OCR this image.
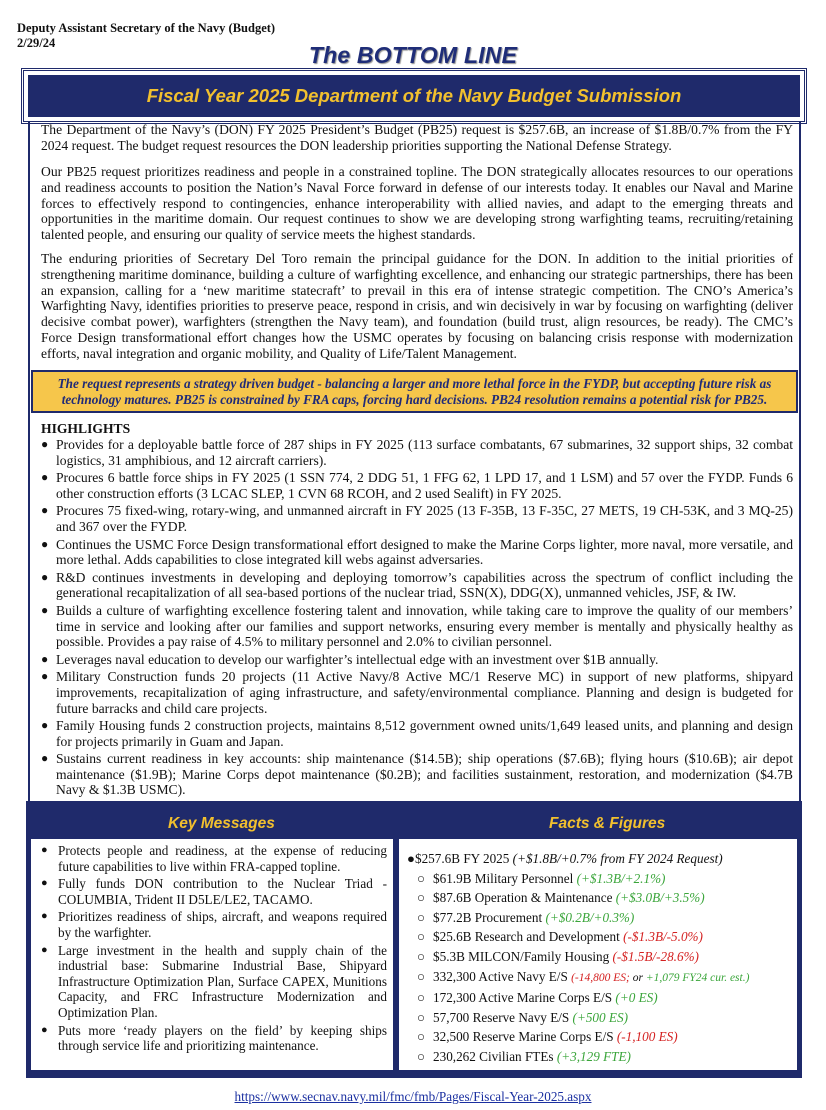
Deputy Assistant Secretary of the Navy (Budget)
2/29/24	The BOTTOM LINE
Fiscal Year 2025 Department of the Navy Budget Submission

The Department of the Navy’s (DON) FY 2025 President’s Budget (PB25) request is $257.6B, an increase of $1.8B/0.7% from the FY 2024 request. The budget request resources the DON leadership priorities supporting the National Defense Strategy.

Our PB25 request prioritizes readiness and people in a constrained topline. The DON strategically allocates resources to our operations and readiness accounts to position the Nation’s Naval Force forward in defense of our interests today. It enables our Naval and Marine forces to effectively respond to contingencies, enhance interoperability with allied navies, and adapt to the emerging threats and opportunities in the maritime domain. Our request continues to show we are developing strong warfighting teams, recruiting/retaining talented people, and ensuring our quality of service meets the highest standards.

The enduring priorities of Secretary Del Toro remain the principal guidance for the DON. In addition to the initial priorities of strengthening maritime dominance, building a culture of warfighting excellence, and enhancing our strategic partnerships, there has been an expansion, calling for a ‘new maritime statecraft’ to prevail in this era of intense strategic competition. The CNO’s America’s Warfighting Navy, identifies priorities to preserve peace, respond in crisis, and win decisively in war by focusing on warfighting (deliver decisive combat power), warfighters (strengthen the Navy team), and foundation (build trust, align resources, be ready). The CMC’s Force Design transformational effort changes how the USMC operates by focusing on balancing crisis response with modernization efforts, naval integration and organic mobility, and Quality of Life/Talent Management.

The request represents a strategy driven budget - balancing a larger and more lethal force in the FYDP, but accepting future risk as technology matures. PB25 is constrained by FRA caps, forcing hard decisions. PB24 resolution remains a potential risk for PB25.
HIGHLIGHTS
● Provides for a deployable battle force of 287 ships in FY 2025 (113 surface combatants, 67 submarines, 32 support ships, 32 combat logistics, 31 amphibious, and 12 aircraft carriers).
● Procures 6 battle force ships in FY 2025 (1 SSN 774, 2 DDG 51, 1 FFG 62, 1 LPD 17, and 1 LSM) and 57 over the FYDP. Funds 6 other construction efforts (3 LCAC SLEP, 1 CVN 68 RCOH, and 2 used Sealift) in FY 2025.
● Procures 75 fixed-wing, rotary-wing, and unmanned aircraft in FY 2025 (13 F-35B, 13 F-35C, 27 METS, 19 CH-53K, and 3 MQ-25) and 367 over the FYDP.
● Continues the USMC Force Design transformational effort designed to make the Marine Corps lighter, more naval, more versatile, and more lethal. Adds capabilities to close integrated kill webs against adversaries.
● R&D continues investments in developing and deploying tomorrow’s capabilities across the spectrum of conflict including the generational recapitalization of all sea-based portions of the nuclear triad, SSN(X), DDG(X), unmanned vehicles, JSF, & IW.
● Builds a culture of warfighting excellence fostering talent and innovation, while taking care to improve the quality of our members’ time in service and looking after our families and support networks, ensuring every member is mentally and physically healthy as possible. Provides a pay raise of 4.5% to military personnel and 2.0% to civilian personnel.
● Leverages naval education to develop our warfighter’s intellectual edge with an investment over $1B annually.
● Military Construction funds 20 projects (11 Active Navy/8 Active MC/1 Reserve MC) in support of new platforms, shipyard improvements, recapitalization of aging infrastructure, and safety/environmental compliance. Planning and design is budgeted for future barracks and child care projects.
● Family Housing funds 2 construction projects, maintains 8,512 government owned units/1,649 leased units, and planning and design for projects primarily in Guam and Japan.
● Sustains current readiness in key accounts: ship maintenance ($14.5B); ship operations ($7.6B); flying hours ($10.6B); air depot maintenance ($1.9B); Marine Corps depot maintenance ($0.2B); and facilities sustainment, restoration, and modernization ($4.7B Navy & $1.3B USMC).
Key Messages	Facts & Figures
● Protects people and readiness, at the expense of reducing future capabilities to live within FRA-capped topline.
● Fully funds DON contribution to the Nuclear Triad - COLUMBIA, Trident II D5LE/LE2, TACAMO.
● Prioritizes readiness of ships, aircraft, and weapons required by the warfighter.
● Large investment in the health and supply chain of the industrial base: Submarine Industrial Base, Shipyard Infrastructure Optimization Plan, Surface CAPEX, Munitions Capacity, and FRC Infrastructure Modernization and Optimization Plan.
● Puts more ‘ready players on the field’ by keeping ships through service life and prioritizing maintenance.
●$257.6B FY 2025 (+$1.8B/+0.7% from FY 2024 Request)
○ $61.9B Military Personnel (+$1.3B/+2.1%)
○ $87.6B Operation & Maintenance (+$3.0B/+3.5%)
○ $77.2B Procurement (+$0.2B/+0.3%)
○ $25.6B Research and Development (-$1.3B/-5.0%)
○ $5.3B MILCON/Family Housing (-$1.5B/-28.6%)
○ 332,300 Active Navy E/S (-14,800 ES; or +1,079 FY24 cur. est.)
○ 172,300 Active Marine Corps E/S (+0 ES)
○ 57,700 Reserve Navy E/S (+500 ES)
○ 32,500 Reserve Marine Corps E/S (-1,100 ES)
○ 230,262 Civilian FTEs (+3,129 FTE)
https://www.secnav.navy.mil/fmc/fmb/Pages/Fiscal-Year-2025.aspx
